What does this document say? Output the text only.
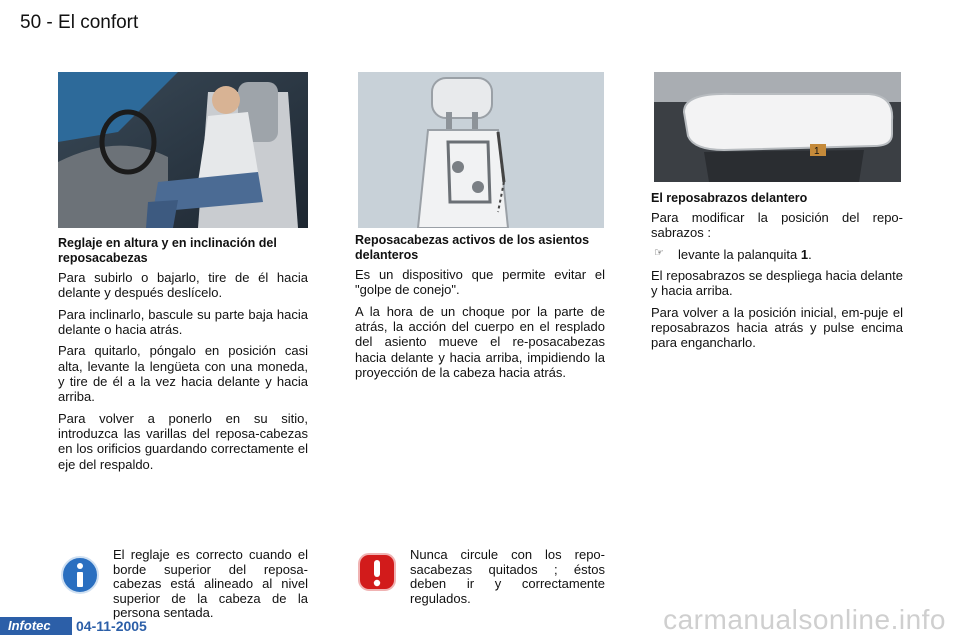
50 - El confort
1
Reglaje en altura y en inclinación del reposacabezas

Para subirlo o bajarlo, tire de él hacia delante y después deslícelo.

Para inclinarlo, bascule su parte baja hacia delante o hacia atrás.

Para quitarlo, póngalo en posición casi alta, levante la lengüeta con una moneda, y tire de él a la vez hacia delante y hacia arriba.

Para volver a ponerlo en su sitio, introduzca las varillas del reposa-cabezas en los orificios guardando correctamente el eje del respaldo.

Reposacabezas activos de los asientos delanteros

Es un dispositivo que permite evitar el "golpe de conejo".

A la hora de un choque por la parte de atrás, la acción del cuerpo en el resplado del asiento mueve el re-posacabezas hacia delante y hacia arriba, impidiendo la proyección de la cabeza hacia atrás.

El reposabrazos delantero

Para modificar la posición del repo-sabrazos :

☞	levante la palanquita 1.

El reposabrazos se despliega hacia delante y hacia arriba.

Para volver a la posición inicial, em-puje el reposabrazos hacia atrás y pulse encima para engancharlo.

El reglaje es correcto cuando el borde superior del reposa-cabezas está alineado al nivel superior de la cabeza de la persona sentada.
Nunca circule con los repo-sacabezas quitados ; éstos deben ir y correctamente regulados.
Infotec	04-11-2005	carmanualsonline.info
